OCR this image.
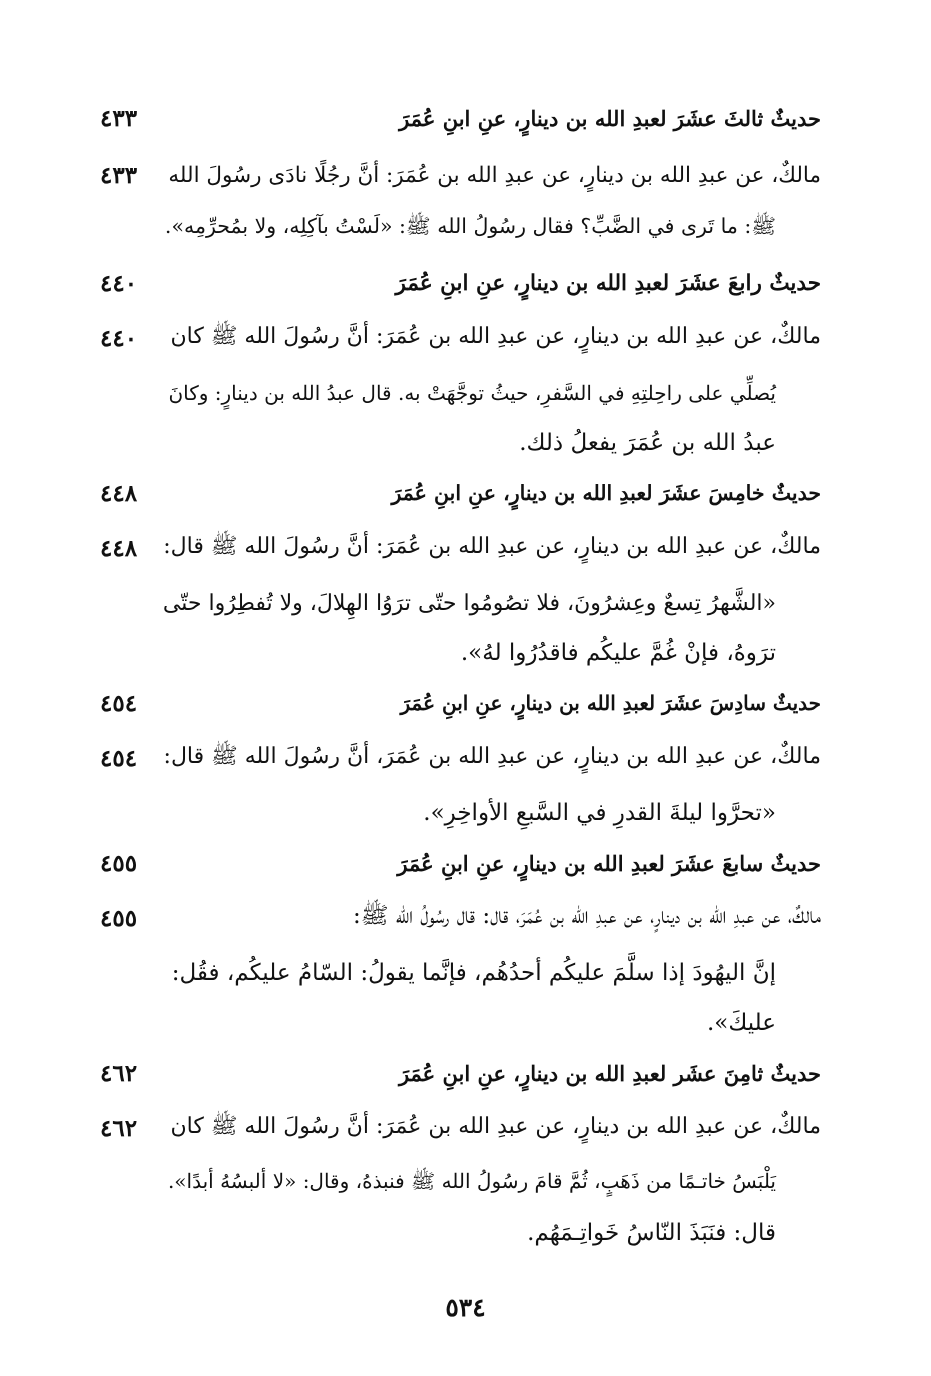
حديثٌ ثالثَ عشَرَ لعبدِ الله بن دينارٍ، عنِ ابنِ عُمَرَ
٤٣٣
مالكٌ، عن عبدِ الله بن دينارٍ، عن عبدِ الله بن عُمَرَ: أنَّ رجُلًا نادَى رسُولَ الله
٤٣٣
ﷺ: ما تَرى في الضَّبِّ؟ فقال رسُولُ الله ﷺ: «لَسْتُ بآكِلِه، ولا بمُحرِّمِه».
حديثٌ رابعَ عشَرَ لعبدِ الله بن دينارٍ، عنِ ابنِ عُمَرَ
٤٤٠
مالكٌ، عن عبدِ الله بن دينارٍ، عن عبدِ الله بن عُمَرَ: أنَّ رسُولَ الله ﷺ كان
٤٤٠
يُصلِّي على راحِلتِهِ في السَّفرِ، حيثُ توجَّهَتْ به. قال عبدُ الله بن دينارٍ: وكانَ
عبدُ الله بن عُمَرَ يفعلُ ذلك.
حديثٌ خامِسَ عشَرَ لعبدِ الله بن دينارٍ، عنِ ابنِ عُمَرَ
٤٤٨
مالكٌ، عن عبدِ الله بن دينارٍ، عن عبدِ الله بن عُمَرَ: أنَّ رسُولَ الله ﷺ قال:
٤٤٨
«الشَّهرُ تِسعٌ وعِشرُونَ، فلا تصُومُوا حتّى ترَوُا الهِلالَ، ولا تُفطِرُوا حتّى
ترَوهُ، فإنْ غُمَّ عليكُم فاقدُرُوا لهُ».
حديثٌ سادِسَ عشَرَ لعبدِ الله بن دينارٍ، عنِ ابنِ عُمَرَ
٤٥٤
مالكٌ، عن عبدِ الله بن دينارٍ، عن عبدِ الله بن عُمَرَ، أنَّ رسُولَ الله ﷺ قال:
٤٥٤
«تحرَّوا ليلةَ القدرِ في السَّبعِ الأواخِرِ».
حديثٌ سابعَ عشَرَ لعبدِ الله بن دينارٍ، عنِ ابنِ عُمَرَ
٤٥٥
مالكٌ، عن عبدِ الله بن دينارٍ، عن عبدِ الله بن عُمَرَ، قال: قال رسُولُ الله ﷺ:
٤٥٥
إنَّ اليهُودَ إذا سلَّمَ عليكُم أحدُهُم، فإنَّما يقولُ: السّامُ عليكُم، فقُل:
عليكَ».
حديثٌ ثامِنَ عشَر لعبدِ الله بن دينارٍ، عنِ ابنِ عُمَرَ
٤٦٢
مالكٌ، عن عبدِ الله بن دينارٍ، عن عبدِ الله بن عُمَرَ: أنَّ رسُولَ الله ﷺ كان
٤٦٢
يَلْبَسُ خاتـمًا من ذَهَبٍ، ثُمَّ قامَ رسُولُ الله ﷺ فنبذهُ، وقال: «لا ألبسُهُ أبدًا».
قال: فنَبَذَ النّاسُ خَواتِـمَهُم.
٥٣٤
